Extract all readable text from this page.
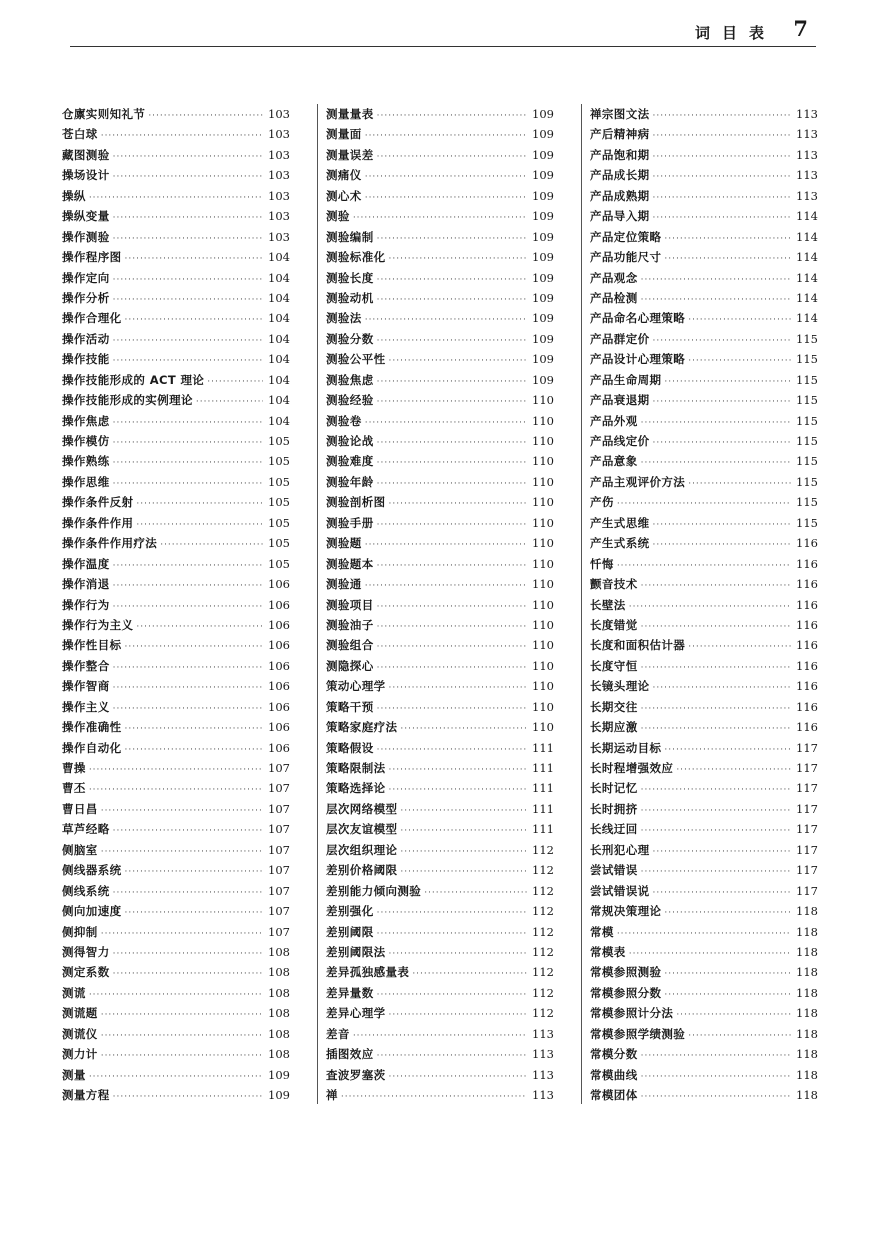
词目表 7
仓廪实则知礼节 ·····	103
苍白球 ·····	103
藏图测验 ·····	103
操场设计 ·····	103
操纵 ·····	103
操纵变量 ·····	103
操作测验 ·····	103
操作程序图 ·····	104
操作定向 ·····	104
操作分析 ·····	104
操作合理化 ·····	104
操作活动 ·····	104
操作技能 ·····	104
操作技能形成的 ACT 理论 ·····	104
操作技能形成的实例理论 ·····	104
操作焦虑 ·····	104
操作模仿 ·····	105
操作熟练 ·····	105
操作思维 ·····	105
操作条件反射 ·····	105
操作条件作用 ·····	105
操作条件作用疗法 ·····	105
操作温度 ·····	105
操作消退 ·····	106
操作行为 ·····	106
操作行为主义 ·····	106
操作性目标 ·····	106
操作整合 ·····	106
操作智商 ·····	106
操作主义 ·····	106
操作准确性 ·····	106
操作自动化 ·····	106
曹操 ·····	107
曹丕 ·····	107
曹日昌 ·····	107
草芦经略 ·····	107
侧脑室 ·····	107
侧线器系统 ·····	107
侧线系统 ·····	107
侧向加速度 ·····	107
侧抑制 ·····	107
测得智力 ·····	108
测定系数 ·····	108
测谎 ·····	108
测谎题 ·····	108
测谎仪 ·····	108
测力计 ·····	108
测量 ·····	109
测量方程 ·····	109
测量量表 ·····	109
测量面 ·····	109
测量误差 ·····	109
测痛仪 ·····	109
测心术 ·····	109
测验 ·····	109
测验编制 ·····	109
测验标准化 ·····	109
测验长度 ·····	109
测验动机 ·····	109
测验法 ·····	109
测验分数 ·····	109
测验公平性 ·····	109
测验焦虑 ·····	109
测验经验 ·····	110
测验卷 ·····	110
测验论战 ·····	110
测验难度 ·····	110
测验年龄 ·····	110
测验剖析图 ·····	110
测验手册 ·····	110
测验题 ·····	110
测验题本 ·····	110
测验通 ·····	110
测验项目 ·····	110
测验油子 ·····	110
测验组合 ·····	110
测隐探心 ·····	110
策动心理学 ·····	110
策略干预 ·····	110
策略家庭疗法 ·····	110
策略假设 ·····	111
策略限制法 ·····	111
策略选择论 ·····	111
层次网络模型 ·····	111
层次友谊模型 ·····	111
层次组织理论 ·····	112
差别价格阈限 ·····	112
差别能力倾向测验 ·····	112
差别强化 ·····	112
差别阈限 ·····	112
差别阈限法 ·····	112
差异孤独感量表 ·····	112
差异量数 ·····	112
差异心理学 ·····	112
差音 ·····	113
插图效应 ·····	113
查波罗塞茨 ·····	113
禅 ·····	113
禅宗图文法 ·····	113
产后精神病 ·····	113
产品饱和期 ·····	113
产品成长期 ·····	113
产品成熟期 ·····	113
产品导入期 ·····	114
产品定位策略 ·····	114
产品功能尺寸 ·····	114
产品观念 ·····	114
产品检测 ·····	114
产品命名心理策略 ·····	114
产品群定价 ·····	115
产品设计心理策略 ·····	115
产品生命周期 ·····	115
产品衰退期 ·····	115
产品外观 ·····	115
产品线定价 ·····	115
产品意象 ·····	115
产品主观评价方法 ·····	115
产伤 ·····	115
产生式思维 ·····	115
产生式系统 ·····	116
忏悔 ·····	116
颤音技术 ·····	116
长壁法 ·····	116
长度错觉 ·····	116
长度和面积估计器 ·····	116
长度守恒 ·····	116
长镜头理论 ·····	116
长期交往 ·····	116
长期应激 ·····	116
长期运动目标 ·····	117
长时程增强效应 ·····	117
长时记忆 ·····	117
长时拥挤 ·····	117
长线迂回 ·····	117
长刑犯心理 ·····	117
尝试错误 ·····	117
尝试错误说 ·····	117
常规决策理论 ·····	118
常模 ·····	118
常模表 ·····	118
常模参照测验 ·····	118
常模参照分数 ·····	118
常模参照计分法 ·····	118
常模参照学绩测验 ·····	118
常模分数 ·····	118
常模曲线 ·····	118
常模团体 ·····	118
